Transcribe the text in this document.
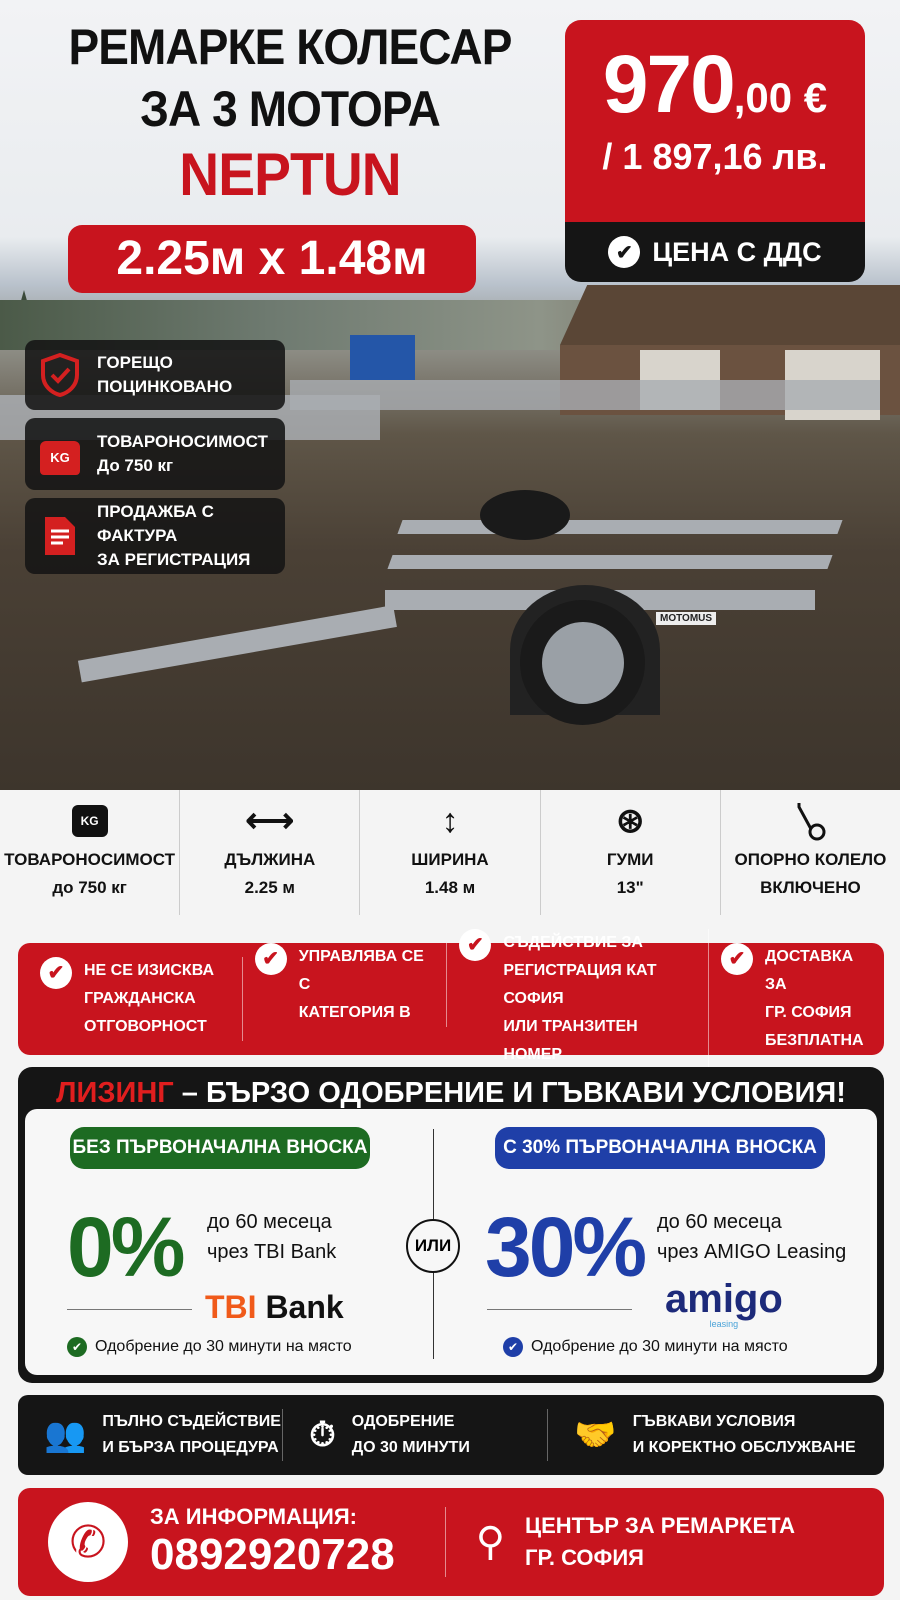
MOTOMUS
РЕМАРКЕ КОЛЕСАР
ЗА 3 МОТОРА
NEPTUN
2.25м x 1.48м
970,00 €
/ 1 897,16 лв.
✔ ЦЕНА С ДДС
ГОРЕЩО
ПОЦИНКОВАНО
KG
ТОВАРОНОСИМОСТ
До 750 кг
ПРОДАЖБА С ФАКТУРА
ЗА РЕГИСТРАЦИЯ
KG
ТОВАРОНОСИМОСТ
до 750 кг
⟷
ДЪЛЖИНА
2.25 м
↕
ШИРИНА
1.48 м
⊛
ГУМИ
13"
ОПОРНО КОЛЕЛО
ВКЛЮЧЕНО
✔	НЕ СЕ ИЗИСКВА
ГРАЖДАНСКА
ОТГОВОРНОСТ
✔	УПРАВЛЯВА СЕ С
КАТЕГОРИЯ В
✔	СЪДЕЙСТВИЕ ЗА
РЕГИСТРАЦИЯ КАТ СОФИЯ
ИЛИ ТРАНЗИТЕН НОМЕР
✔	ДОСТАВКА ЗА
ГР. СОФИЯ
БЕЗПЛАТНА
ЛИЗИНГ – БЪРЗО ОДОБРЕНИЕ И ГЪВКАВИ УСЛОВИЯ!
БЕЗ ПЪРВОНАЧАЛНА ВНОСКА
0% до 60 месеца
чрез TBI Bank
TBI Bank
✔ Одобрение до 30 минути на място
ИЛИ
С 30% ПЪРВОНАЧАЛНА ВНОСКА
30% до 60 месеца
чрез AMIGO Leasing
amigo
leasing
✔ Одобрение до 30 минути на място
👥 ПЪЛНО СЪДЕЙСТВИЕ
И БЪРЗА ПРОЦЕДУРА ⏱ ОДОБРЕНИЕ
ДО 30 МИНУТИ	🤝 ГЪВКАВИ УСЛОВИЯ
И КОРЕКТНО ОБСЛУЖВАНЕ
✆
ЗА ИНФОРМАЦИЯ:
0892920728 ⚲ ЦЕНТЪР ЗА РЕМАРКЕТА
ГР. СОФИЯ
